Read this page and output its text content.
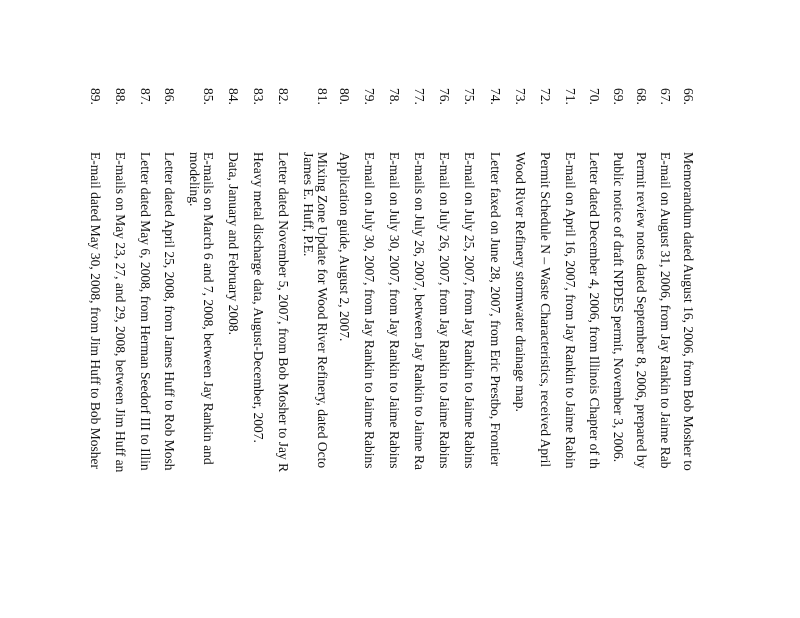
66.
Memorandum dated August 16, 2006, from Bob Mosher to
67.
E-mail on August 31, 2006, from Jay Rankin to Jaime Rab
68.
Permit review notes dated September 8, 2006, prepared by
69.
Public notice of draft NPDES permit, November 3, 2006.
70.
Letter dated December 4, 2006, from Illinois Chapter of th
71.
E-mail on April 16, 2007, from Jay Rankin to Jaime Rabin
72.
Permit Schedule N – Waste Characteristics, received April
73.
Wood River Refinery stormwater drainage map.
74.
Letter faxed on June 28, 2007, from Eric Prestbo, Frontier
75.
E-mail on July 25, 2007, from Jay Rankin to Jaime Rabins
76.
E-mail on July 26, 2007, from Jay Rankin to Jaime Rabins
77.
E-mails on July 26, 2007, between Jay Rankin to Jaime Ra
78.
E-mail on July 30, 2007, from Jay Rankin to Jaime Rabins
79.
E-mail on July 30, 2007, from Jay Rankin to Jaime Rabins
80.
Application guide, August 2, 2007.
81.
Mixing Zone Update for Wood River Refinery, dated Octo
James E. Huff, P.E.
82.
Letter dated November 5, 2007, from Bob Mosher to Jay R
83.
Heavy metal discharge data, August-December, 2007.
84.
Data, January and February 2008.
85.
E-mails on March 6 and 7, 2008, between Jay Rankin and
modeling.
86.
Letter dated April 25, 2008, from James Huff to Rob Mosh
87.
Letter dated May 6, 2008, from Herman Seedorf III to Illin
88.
E-mails on May 23, 27, and 29, 2008, between Jim Huff an
89.
E-mail dated May 30, 2008, from Jim Huff to Bob Mosher
